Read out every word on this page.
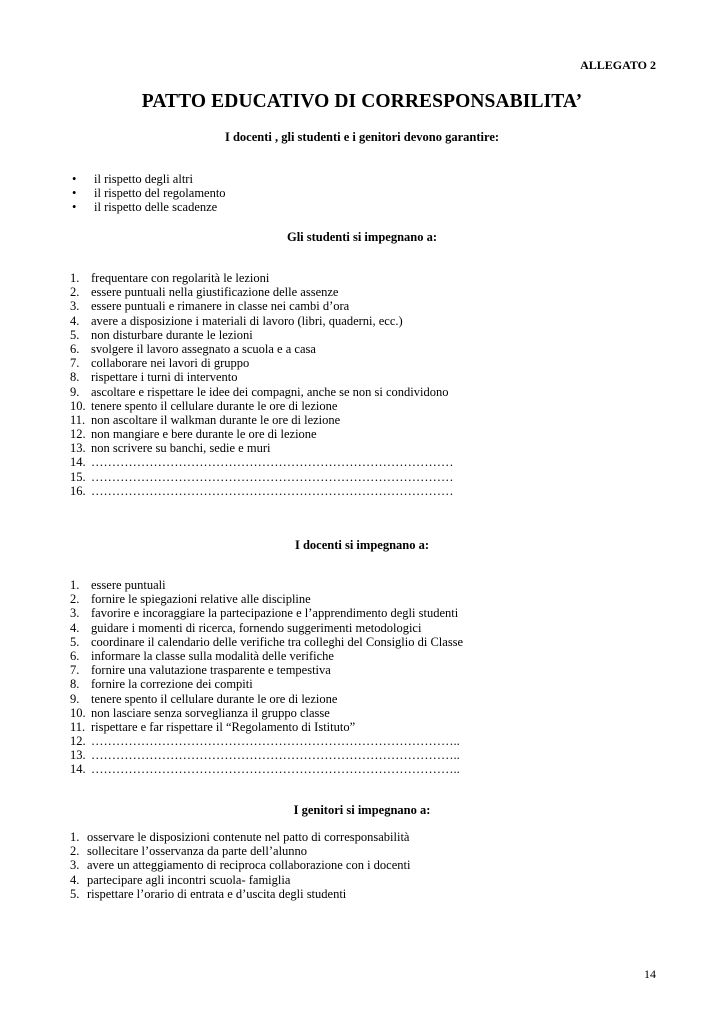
ALLEGATO 2
PATTO EDUCATIVO DI CORRESPONSABILITA’
I docenti , gli studenti e i genitori devono garantire:
• il rispetto degli altri
• il rispetto del regolamento
• il rispetto delle scadenze
Gli studenti si impegnano a:
1. frequentare con regolarità le lezioni
2. essere puntuali nella giustificazione delle assenze
3. essere puntuali e rimanere in classe nei cambi d’ora
4. avere a disposizione i materiali di lavoro (libri, quaderni, ecc.)
5. non disturbare durante le lezioni
6. svolgere il lavoro assegnato a scuola e a casa
7. collaborare nei lavori di gruppo
8. rispettare i turni di intervento
9. ascoltare e rispettare le idee dei compagni, anche se non si condividono
10. tenere spento il cellulare durante le ore di lezione
11. non ascoltare il walkman durante le ore di lezione
12. non mangiare e bere durante le ore di lezione
13. non scrivere su banchi, sedie e muri
14. ……………………………………………………………………………
15. ……………………………………………………………………………
16. ……………………………………………………………………………
I docenti si impegnano a:
1. essere puntuali
2. fornire le spiegazioni relative alle discipline
3. favorire e incoraggiare la partecipazione e l’apprendimento degli studenti
4. guidare i momenti di ricerca, fornendo suggerimenti metodologici
5. coordinare il calendario delle verifiche tra colleghi del Consiglio di Classe
6. informare la classe sulla modalità delle verifiche
7. fornire una valutazione trasparente e tempestiva
8. fornire la correzione dei compiti
9. tenere spento il cellulare durante le ore di lezione
10. non lasciare senza sorveglianza il gruppo classe
11. rispettare e far rispettare il “Regolamento di Istituto”
12. ……………………………………………………………………………..
13. ……………………………………………………………………………..
14. ……………………………………………………………………………..
I genitori si impegnano a:
1. osservare le disposizioni contenute nel patto di corresponsabilità
2. sollecitare l’osservanza da parte dell’alunno
3. avere un atteggiamento di reciproca collaborazione con i docenti
4. partecipare agli incontri scuola- famiglia
5. rispettare l’orario di entrata e d’uscita degli studenti
14
